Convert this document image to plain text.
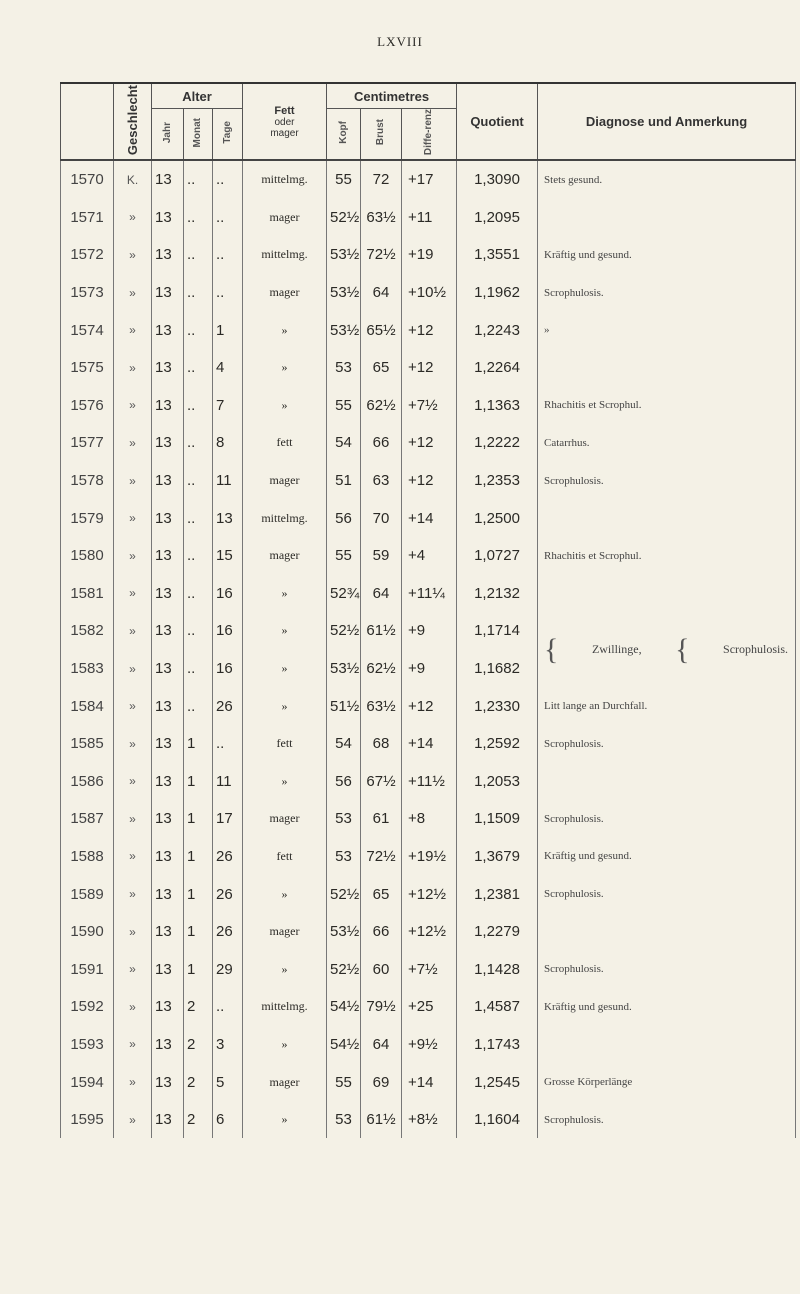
LXVIII
	Geschlecht	Alter			Fett
oder
mager	Centimetres			Quotient	Diagnose und Anmerkung
		Jahr	Monat	Tage		Kopf	Brust	Diffe-renz		
1570	K.	13	..	..	mittelmg.	55	72	+17	1,3090	Stets gesund.
1571	»	13	..	..	mager	52½	63½	+11	1,2095	
1572	»	13	..	..	mittelmg.	53½	72½	+19	1,3551	Kräftig und gesund.
1573	»	13	..	..	mager	53½	64	+10½	1,1962	Scrophulosis.
1574	»	13	..	1	»	53½	65½	+12	1,2243	»
1575	»	13	..	4	»	53	65	+12	1,2264	
1576	»	13	..	7	»	55	62½	+7½	1,1363	Rhachitis et Scrophul.
1577	»	13	..	8	fett	54	66	+12	1,2222	Catarrhus.
1578	»	13	..	11	mager	51	63	+12	1,2353	Scrophulosis.
1579	»	13	..	13	mittelmg.	56	70	+14	1,2500	
1580	»	13	..	15	mager	55	59	+4	1,0727	Rhachitis et Scrophul.
1581	»	13	..	16	»	52¾	64	+11¼	1,2132	
1582	»	13	..	16	»	52½	61½	+9	1,1714	{ Zwillinge, { Scrophulosis.

1583	»	13	..	16	»	53½	62½	+9	1,1682	
1584	»	13	..	26	»	51½	63½	+12	1,2330	Litt lange an Durchfall.
1585	»	13	1	..	fett	54	68	+14	1,2592	Scrophulosis.
1586	»	13	1	11	»	56	67½	+11½	1,2053	
1587	»	13	1	17	mager	53	61	+8	1,1509	Scrophulosis.
1588	»	13	1	26	fett	53	72½	+19½	1,3679	Kräftig und gesund.
1589	»	13	1	26	»	52½	65	+12½	1,2381	Scrophulosis.
1590	»	13	1	26	mager	53½	66	+12½	1,2279	
1591	»	13	1	29	»	52½	60	+7½	1,1428	Scrophulosis.
1592	»	13	2	..	mittelmg.	54½	79½	+25	1,4587	Kräftig und gesund.
1593	»	13	2	3	»	54½	64	+9½	1,1743	
1594	»	13	2	5	mager	55	69	+14	1,2545	Grosse Körperlänge
1595	»	13	2	6	»	53	61½	+8½	1,1604	Scrophulosis.
